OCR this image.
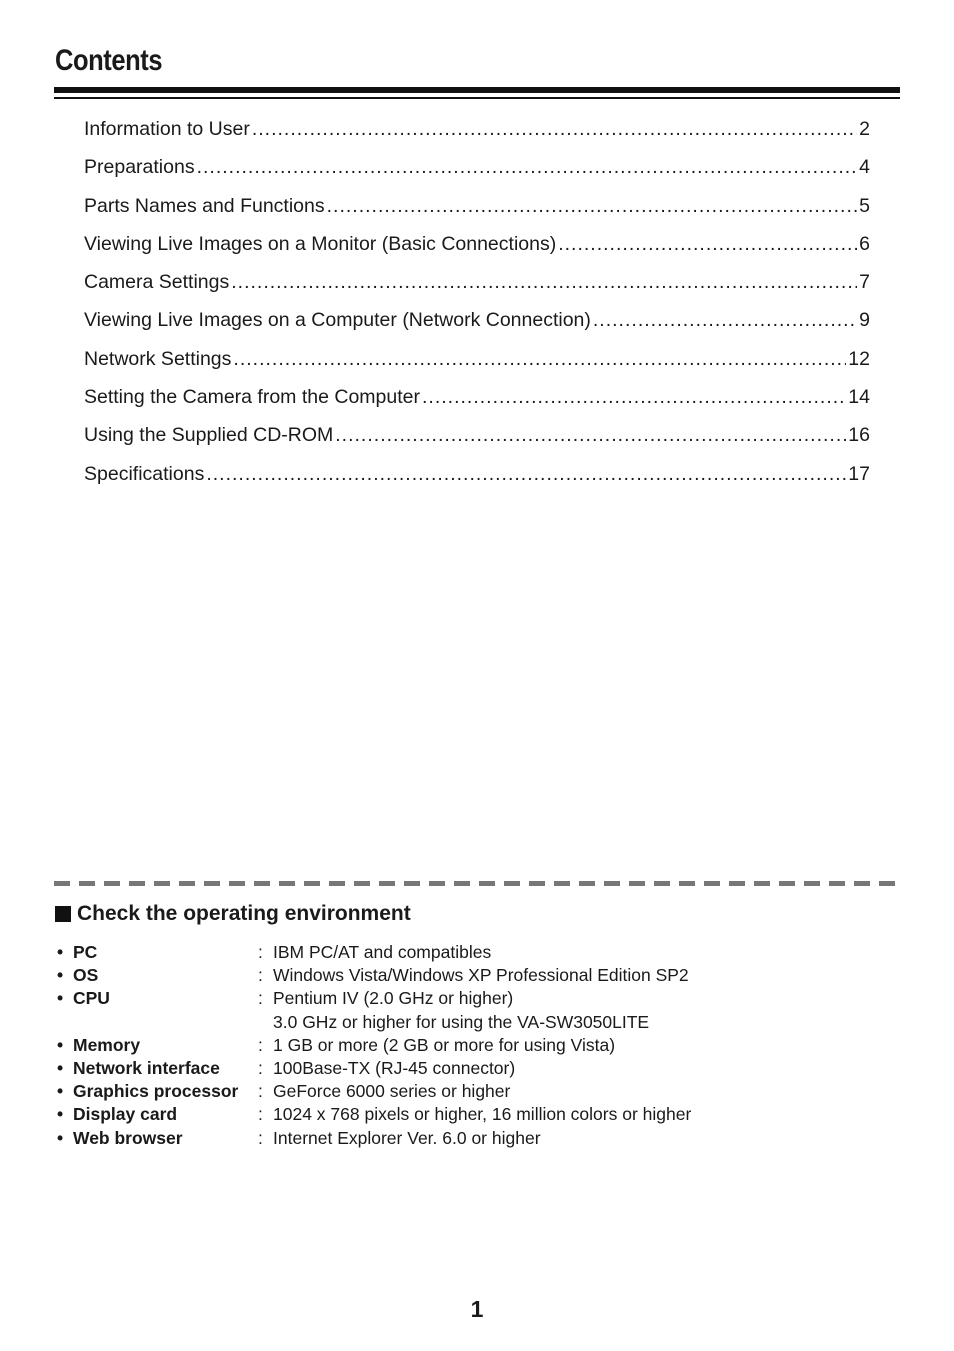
Contents
Information to User .....	2
Preparations .....	4
Parts Names and Functions .....	5
Viewing Live Images on a Monitor (Basic Connections) .....	6
Camera Settings .....	7
Viewing Live Images on a Computer (Network Connection) .....	9
Network Settings .....	12
Setting the Camera from the Computer .....	14
Using the Supplied CD-ROM .....	16
Specifications .....	17
Check the operating environment
• PC	: IBM PC/AT and compatibles
• OS	: Windows Vista/Windows XP Professional Edition SP2
• CPU	: Pentium IV (2.0 GHz or higher)
3.0 GHz or higher for using the VA-SW3050LITE
• Memory	: 1 GB or more (2 GB or more for using Vista)
• Network interface	: 100Base-TX (RJ-45 connector)
• Graphics processor	: GeForce 6000 series or higher
• Display card	: 1024 x 768 pixels or higher, 16 million colors or higher
• Web browser	: Internet Explorer Ver. 6.0 or higher
1
